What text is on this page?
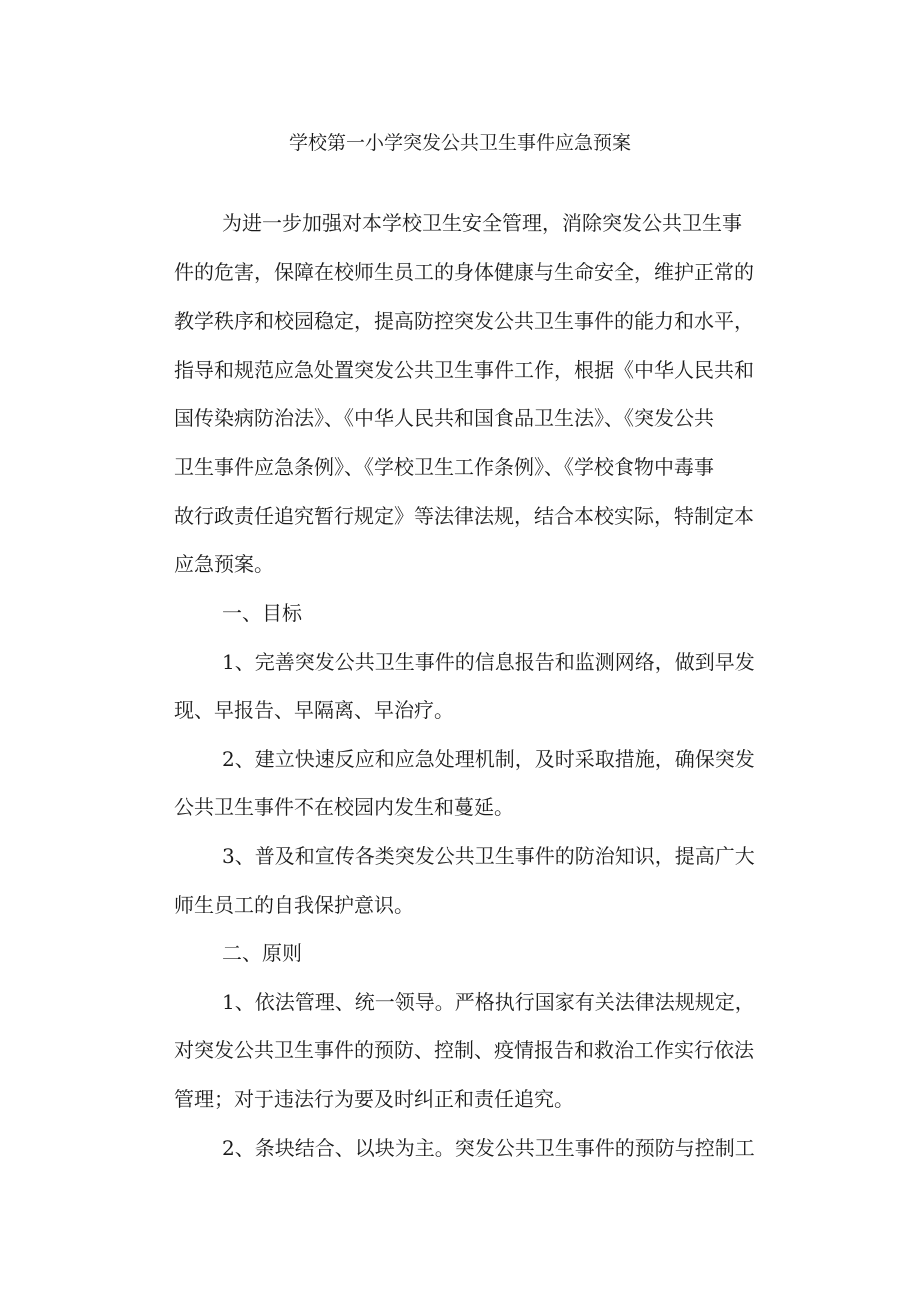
学校第一小学突发公共卫生事件应急预案
为进一步加强对本学校卫生安全管理，消除突发公共卫生事
件的危害，保障在校师生员工的身体健康与生命安全，维护正常的
教学秩序和校园稳定，提高防控突发公共卫生事件的能力和水平，
指导和规范应急处置突发公共卫生事件工作，根据《中华人民共和
国传染病防治法》、《中华人民共和国食品卫生法》、《突发公共
卫生事件应急条例》、《学校卫生工作条例》、《学校食物中毒事
故行政责任追究暂行规定》等法律法规，结合本校实际，特制定本
应急预案。
一、目标
1、完善突发公共卫生事件的信息报告和监测网络，做到早发
现、早报告、早隔离、早治疗。
2、建立快速反应和应急处理机制，及时采取措施，确保突发
公共卫生事件不在校园内发生和蔓延。
3、普及和宣传各类突发公共卫生事件的防治知识，提高广大
师生员工的自我保护意识。
二、原则
1、依法管理、统一领导。严格执行国家有关法律法规规定，
对突发公共卫生事件的预防、控制、疫情报告和救治工作实行依法
管理；对于违法行为要及时纠正和责任追究。
2、条块结合、以块为主。突发公共卫生事件的预防与控制工
